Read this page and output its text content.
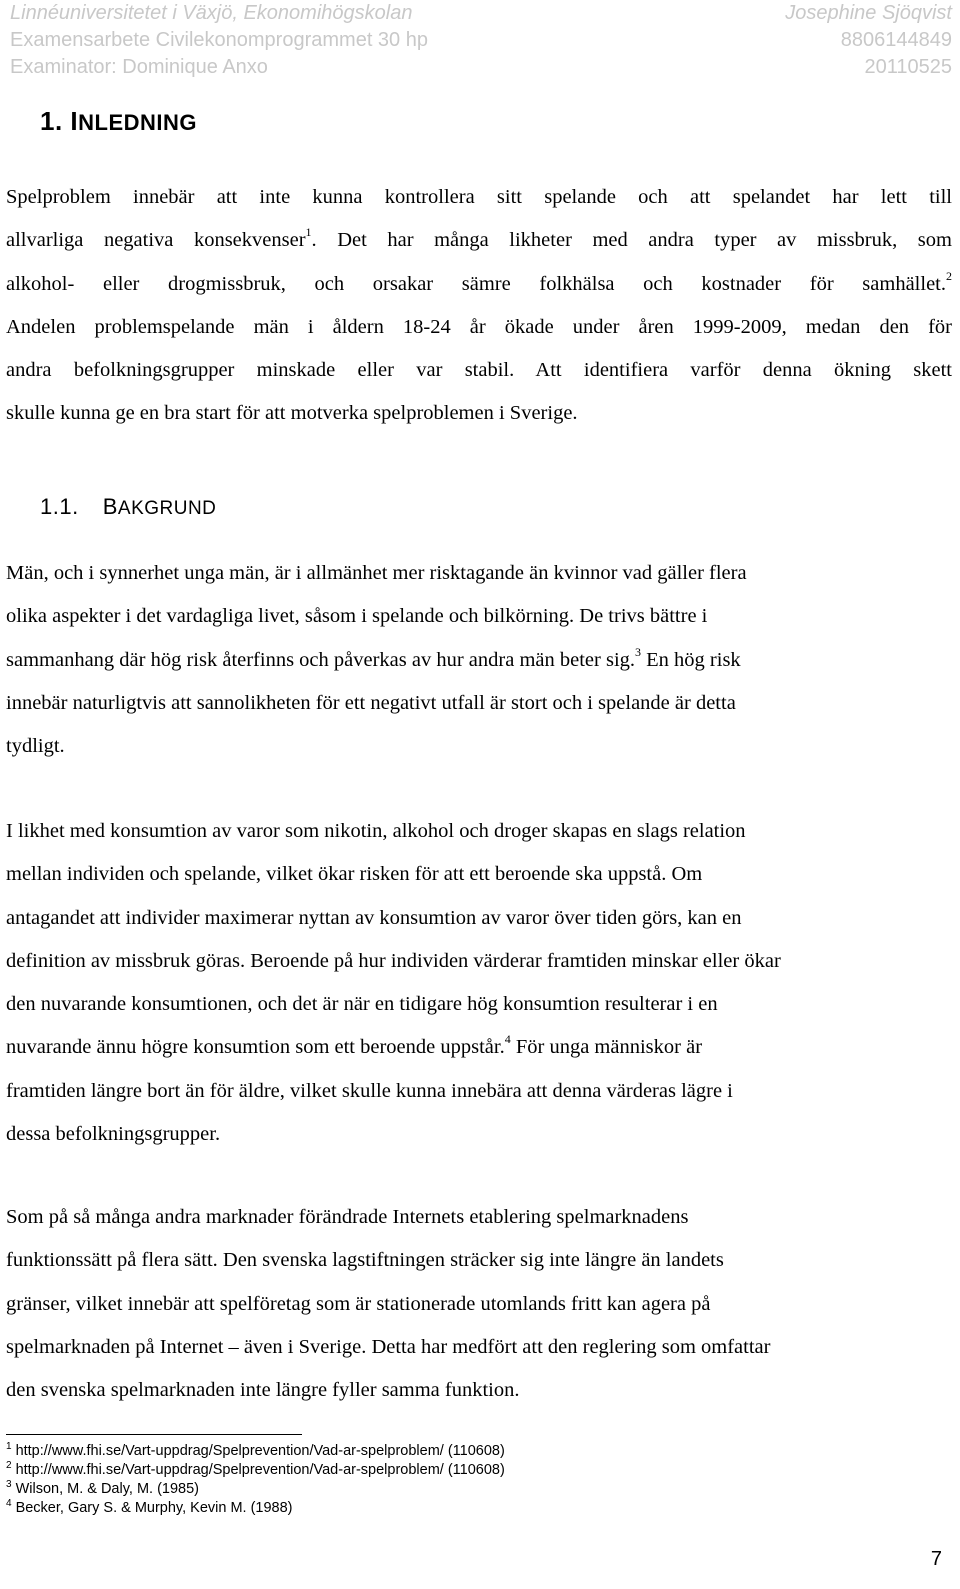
Linnéuniversitetet i Växjö, Ekonomihögskolan	Josephine Sjöqvist
Examensarbete Civilekonomprogrammet 30 hp	8806144849
Examinator: Dominique Anxo	20110525
1. INLEDNING
Spelproblem innebär att inte kunna kontrollera sitt spelande och att spelandet har lett till
allvarliga negativa konsekvenser$^1$. Det har många likheter med andra typer av missbruk, som
alkohol- eller drogmissbruk, och orsakar sämre folkhälsa och kostnader för samhället.$^2$
Andelen problemspelande män i åldern 18-24 år ökade under åren 1999-2009, medan den för
andra befolkningsgrupper minskade eller var stabil. Att identifiera varför denna ökning skett
skulle kunna ge en bra start för att motverka spelproblemen i Sverige.
1.1. BAKGRUND
Män, och i synnerhet unga män, är i allmänhet mer risktagande än kvinnor vad gäller flera
olika aspekter i det vardagliga livet, såsom i spelande och bilkörning. De trivs bättre i
sammanhang där hög risk återfinns och påverkas av hur andra män beter sig.$^3$ En hög risk
innebär naturligtvis att sannolikheten för ett negativt utfall är stort och i spelande är detta
tydligt.
I likhet med konsumtion av varor som nikotin, alkohol och droger skapas en slags relation
mellan individen och spelande, vilket ökar risken för att ett beroende ska uppstå. Om
antagandet att individer maximerar nyttan av konsumtion av varor över tiden görs, kan en
definition av missbruk göras. Beroende på hur individen värderar framtiden minskar eller ökar
den nuvarande konsumtionen, och det är när en tidigare hög konsumtion resulterar i en
nuvarande ännu högre konsumtion som ett beroende uppstår.$^4$ För unga människor är
framtiden längre bort än för äldre, vilket skulle kunna innebära att denna värderas lägre i
dessa befolkningsgrupper.
Som på så många andra marknader förändrade Internets etablering spelmarknadens
funktionssätt på flera sätt. Den svenska lagstiftningen sträcker sig inte längre än landets
gränser, vilket innebär att spelföretag som är stationerade utomlands fritt kan agera på
spelmarknaden på Internet – även i Sverige. Detta har medfört att den reglering som omfattar
den svenska spelmarknaden inte längre fyller samma funktion.
$^1$ http://www.fhi.se/Vart-uppdrag/Spelprevention/Vad-ar-spelproblem/ (110608)
$^2$ http://www.fhi.se/Vart-uppdrag/Spelprevention/Vad-ar-spelproblem/ (110608)
$^3$ Wilson, M. & Daly, M. (1985)
$^4$ Becker, Gary S. & Murphy, Kevin M. (1988)
7
